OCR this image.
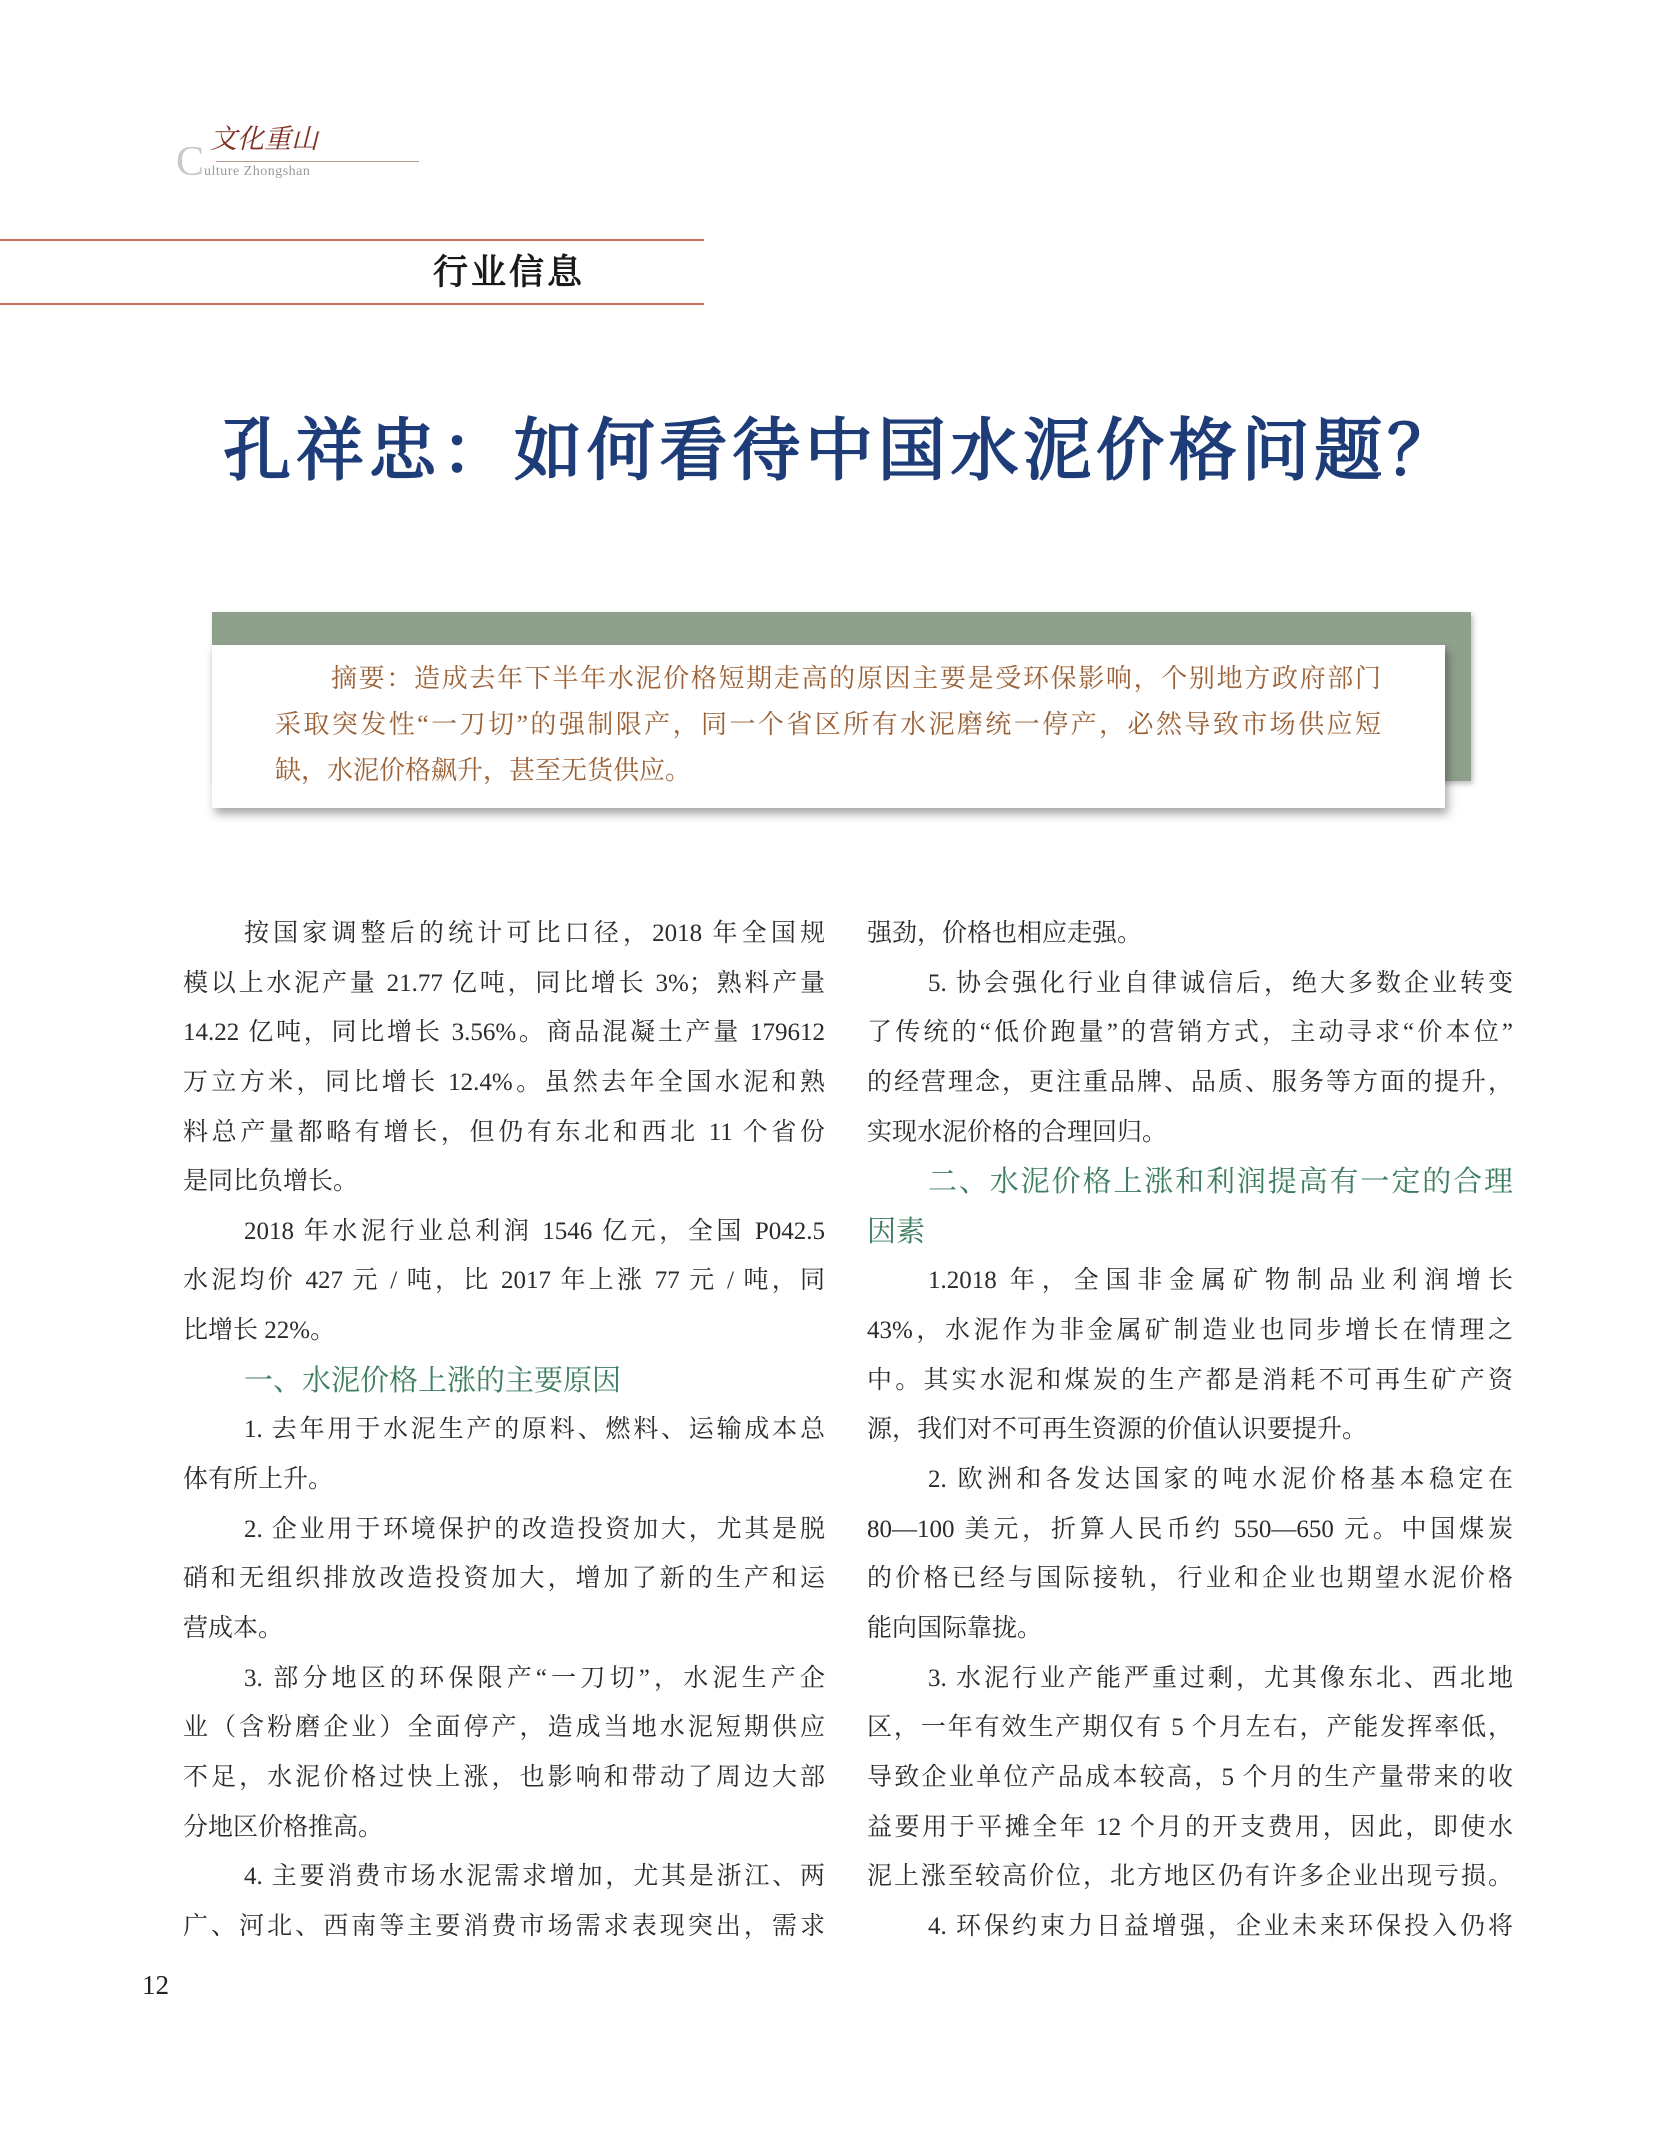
文化重山
Culture Zhongshan
行业信息
孔祥忠：如何看待中国水泥价格问题？
摘要：造成去年下半年水泥价格短期走高的原因主要是受环保影响，个别地方政府部门
采取突发性“一刀切”的强制限产，同一个省区所有水泥磨统一停产，必然导致市场供应短
缺，水泥价格飙升，甚至无货供应。
按国家调整后的统计可比口径，2018 年全国规
模以上水泥产量 21.77 亿吨，同比增长 3%；熟料产量
14.22 亿吨，同比增长 3.56%。商品混凝土产量 179612
万立方米，同比增长 12.4%。虽然去年全国水泥和熟
料总产量都略有增长，但仍有东北和西北 11 个省份
是同比负增长。
2018 年水泥行业总利润 1546 亿元，全国 P042.5
水泥均价 427 元 / 吨，比 2017 年上涨 77 元 / 吨，同
比增长 22%。
一、水泥价格上涨的主要原因
1. 去年用于水泥生产的原料、燃料、运输成本总
体有所上升。
2. 企业用于环境保护的改造投资加大，尤其是脱
硝和无组织排放改造投资加大，增加了新的生产和运
营成本。
3. 部分地区的环保限产“一刀切”，水泥生产企
业（含粉磨企业）全面停产，造成当地水泥短期供应
不足，水泥价格过快上涨，也影响和带动了周边大部
分地区价格推高。
4. 主要消费市场水泥需求增加，尤其是浙江、两
广、河北、西南等主要消费市场需求表现突出，需求
强劲，价格也相应走强。
5. 协会强化行业自律诚信后，绝大多数企业转变
了传统的“低价跑量”的营销方式，主动寻求“价本位”
的经营理念，更注重品牌、品质、服务等方面的提升，
实现水泥价格的合理回归。
二、水泥价格上涨和利润提高有一定的合理
因素
1.2018 年，全国非金属矿物制品业利润增长
43%，水泥作为非金属矿制造业也同步增长在情理之
中。其实水泥和煤炭的生产都是消耗不可再生矿产资
源，我们对不可再生资源的价值认识要提升。
2. 欧洲和各发达国家的吨水泥价格基本稳定在
80—100 美元，折算人民币约 550—650 元。中国煤炭
的价格已经与国际接轨，行业和企业也期望水泥价格
能向国际靠拢。
3. 水泥行业产能严重过剩，尤其像东北、西北地
区，一年有效生产期仅有 5 个月左右，产能发挥率低，
导致企业单位产品成本较高，5 个月的生产量带来的收
益要用于平摊全年 12 个月的开支费用，因此，即使水
泥上涨至较高价位，北方地区仍有许多企业出现亏损。
4. 环保约束力日益增强，企业未来环保投入仍将
12
